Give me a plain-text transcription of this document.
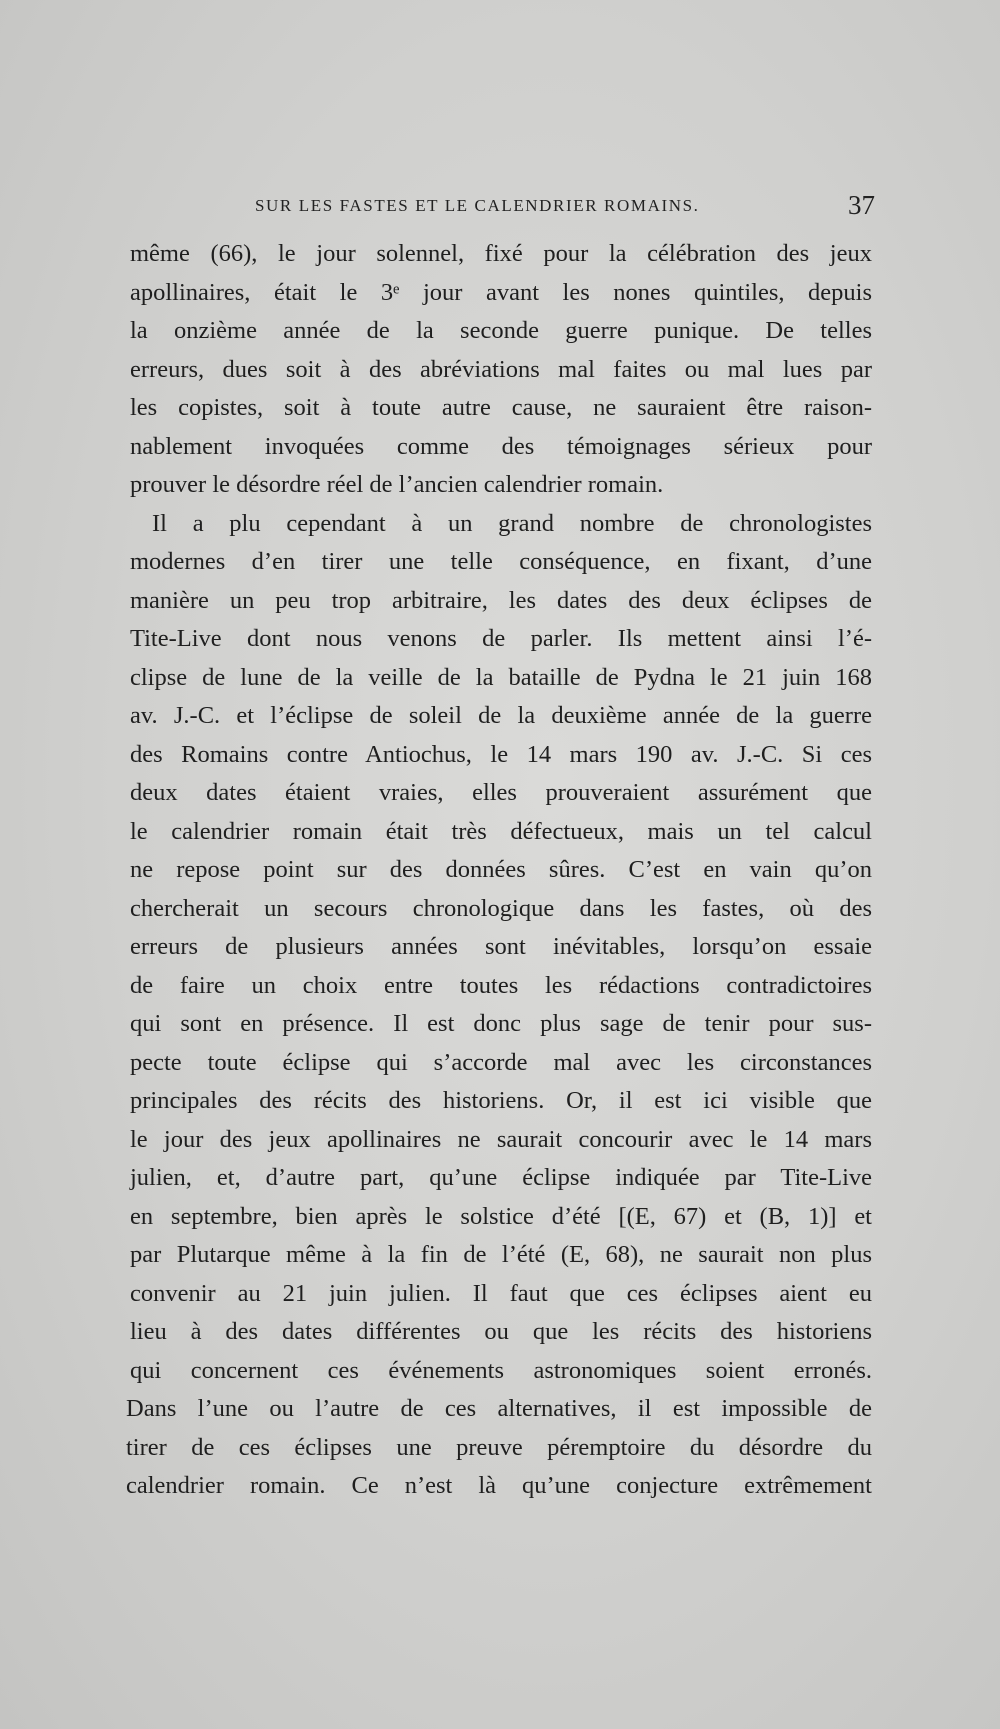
SUR LES FASTES ET LE CALENDRIER ROMAINS.	37
même (66), le jour solennel, fixé pour la célébration des jeux
apollinaires, était le 3ᵉ jour avant les nones quintiles, depuis
la onzième année de la seconde guerre punique. De telles
erreurs, dues soit à des abréviations mal faites ou mal lues par
les copistes, soit à toute autre cause, ne sauraient être raison-
nablement invoquées comme des témoignages sérieux pour
prouver le désordre réel de l’ancien calendrier romain.
Il a plu cependant à un grand nombre de chronologistes
modernes d’en tirer une telle conséquence, en fixant, d’une
manière un peu trop arbitraire, les dates des deux éclipses de
Tite-Live dont nous venons de parler. Ils mettent ainsi l’é-
clipse de lune de la veille de la bataille de Pydna le 21 juin 168
av. J.-C. et l’éclipse de soleil de la deuxième année de la guerre
des Romains contre Antiochus, le 14 mars 190 av. J.-C. Si ces
deux dates étaient vraies, elles prouveraient assurément que
le calendrier romain était très défectueux, mais un tel calcul
ne repose point sur des données sûres. C’est en vain qu’on
chercherait un secours chronologique dans les fastes, où des
erreurs de plusieurs années sont inévitables, lorsqu’on essaie
de faire un choix entre toutes les rédactions contradictoires
qui sont en présence. Il est donc plus sage de tenir pour sus-
pecte toute éclipse qui s’accorde mal avec les circonstances
principales des récits des historiens. Or, il est ici visible que
le jour des jeux apollinaires ne saurait concourir avec le 14 mars
julien, et, d’autre part, qu’une éclipse indiquée par Tite-Live
en septembre, bien après le solstice d’été [(E, 67) et (B, 1)] et
par Plutarque même à la fin de l’été (E, 68), ne saurait non plus
convenir au 21 juin julien. Il faut que ces éclipses aient eu
lieu à des dates différentes ou que les récits des historiens
qui concernent ces événements astronomiques soient erronés.
Dans l’une ou l’autre de ces alternatives, il est impossible de
tirer de ces éclipses une preuve péremptoire du désordre du
calendrier romain. Ce n’est là qu’une conjecture extrêmement
